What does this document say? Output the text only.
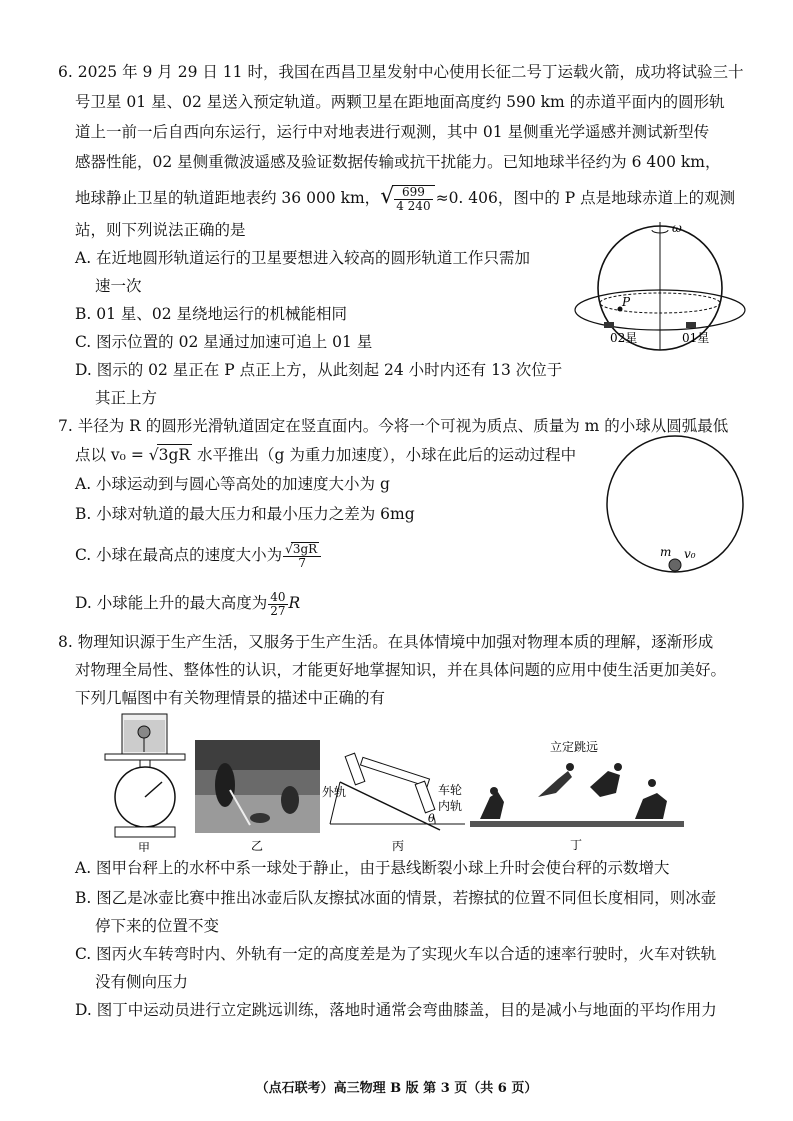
6. 2025 年 9 月 29 日 11 时，我国在西昌卫星发射中心使用长征二号丁运载火箭，成功将试验三十
号卫星 01 星、02 星送入预定轨道。两颗卫星在距地面高度约 590 km 的赤道平面内的圆形轨
道上一前一后自西向东运行，运行中对地表进行观测，其中 01 星侧重光学遥感并测试新型传
感器性能，02 星侧重微波遥感及验证数据传输或抗干扰能力。已知地球半径约为 6 400 km，
地球静止卫星的轨道距地表约 36 000 km，√
$\frac{699}{4 240} \approx 0$. 406，图中的 P 点是地球赤道上的观测
站，则下列说法正确的是
A. 在近地圆形轨道运行的卫星要想进入较高的圆形轨道工作只需加
速一次
B. 01 星、02 星绕地运行的机械能相同
C. 图示位置的 02 星通过加速可追上 01 星
D. 图示的 02 星正在 P 点正上方，从此刻起 24 小时内还有 13 次位于
其正上方
ω
P
02星	01星
7. 半径为 R 的圆形光滑轨道固定在竖直面内。今将一个可视为质点、质量为 m 的小球从圆弧最低
点以 v₀ = √3gR 水平推出（g 为重力加速度），小球在此后的运动过程中
A. 小球运动到与圆心等高处的加速度大小为 g
B. 小球对轨道的最大压力和最小压力之差为 6mg
C. 小球在最高点的速度大小为 $\frac{√3gR}{7}$
D. 小球能上升的最大高度为 $\frac{40}{27}$ R
m v₀
8. 物理知识源于生产生活，又服务于生产生活。在具体情境中加强对物理本质的理解，逐渐形成
对物理全局性、整体性的认识，才能更好地掌握知识，并在具体问题的应用中使生活更加美好。
下列几幅图中有关物理情景的描述中正确的有
甲	乙
外轨	车轮
内轨
θ
丙
立定跳远
丁
A. 图甲台秤上的水杯中系一球处于静止，由于悬线断裂小球上升时会使台秤的示数增大
B. 图乙是冰壶比赛中推出冰壶后队友擦拭冰面的情景，若擦拭的位置不同但长度相同，则冰壶
停下来的位置不变
C. 图丙火车转弯时内、外轨有一定的高度差是为了实现火车以合适的速率行驶时，火车对铁轨
没有侧向压力
D. 图丁中运动员进行立定跳远训练，落地时通常会弯曲膝盖，目的是减小与地面的平均作用力
（点石联考）高三物理 B 版 第 3 页（共 6 页）
